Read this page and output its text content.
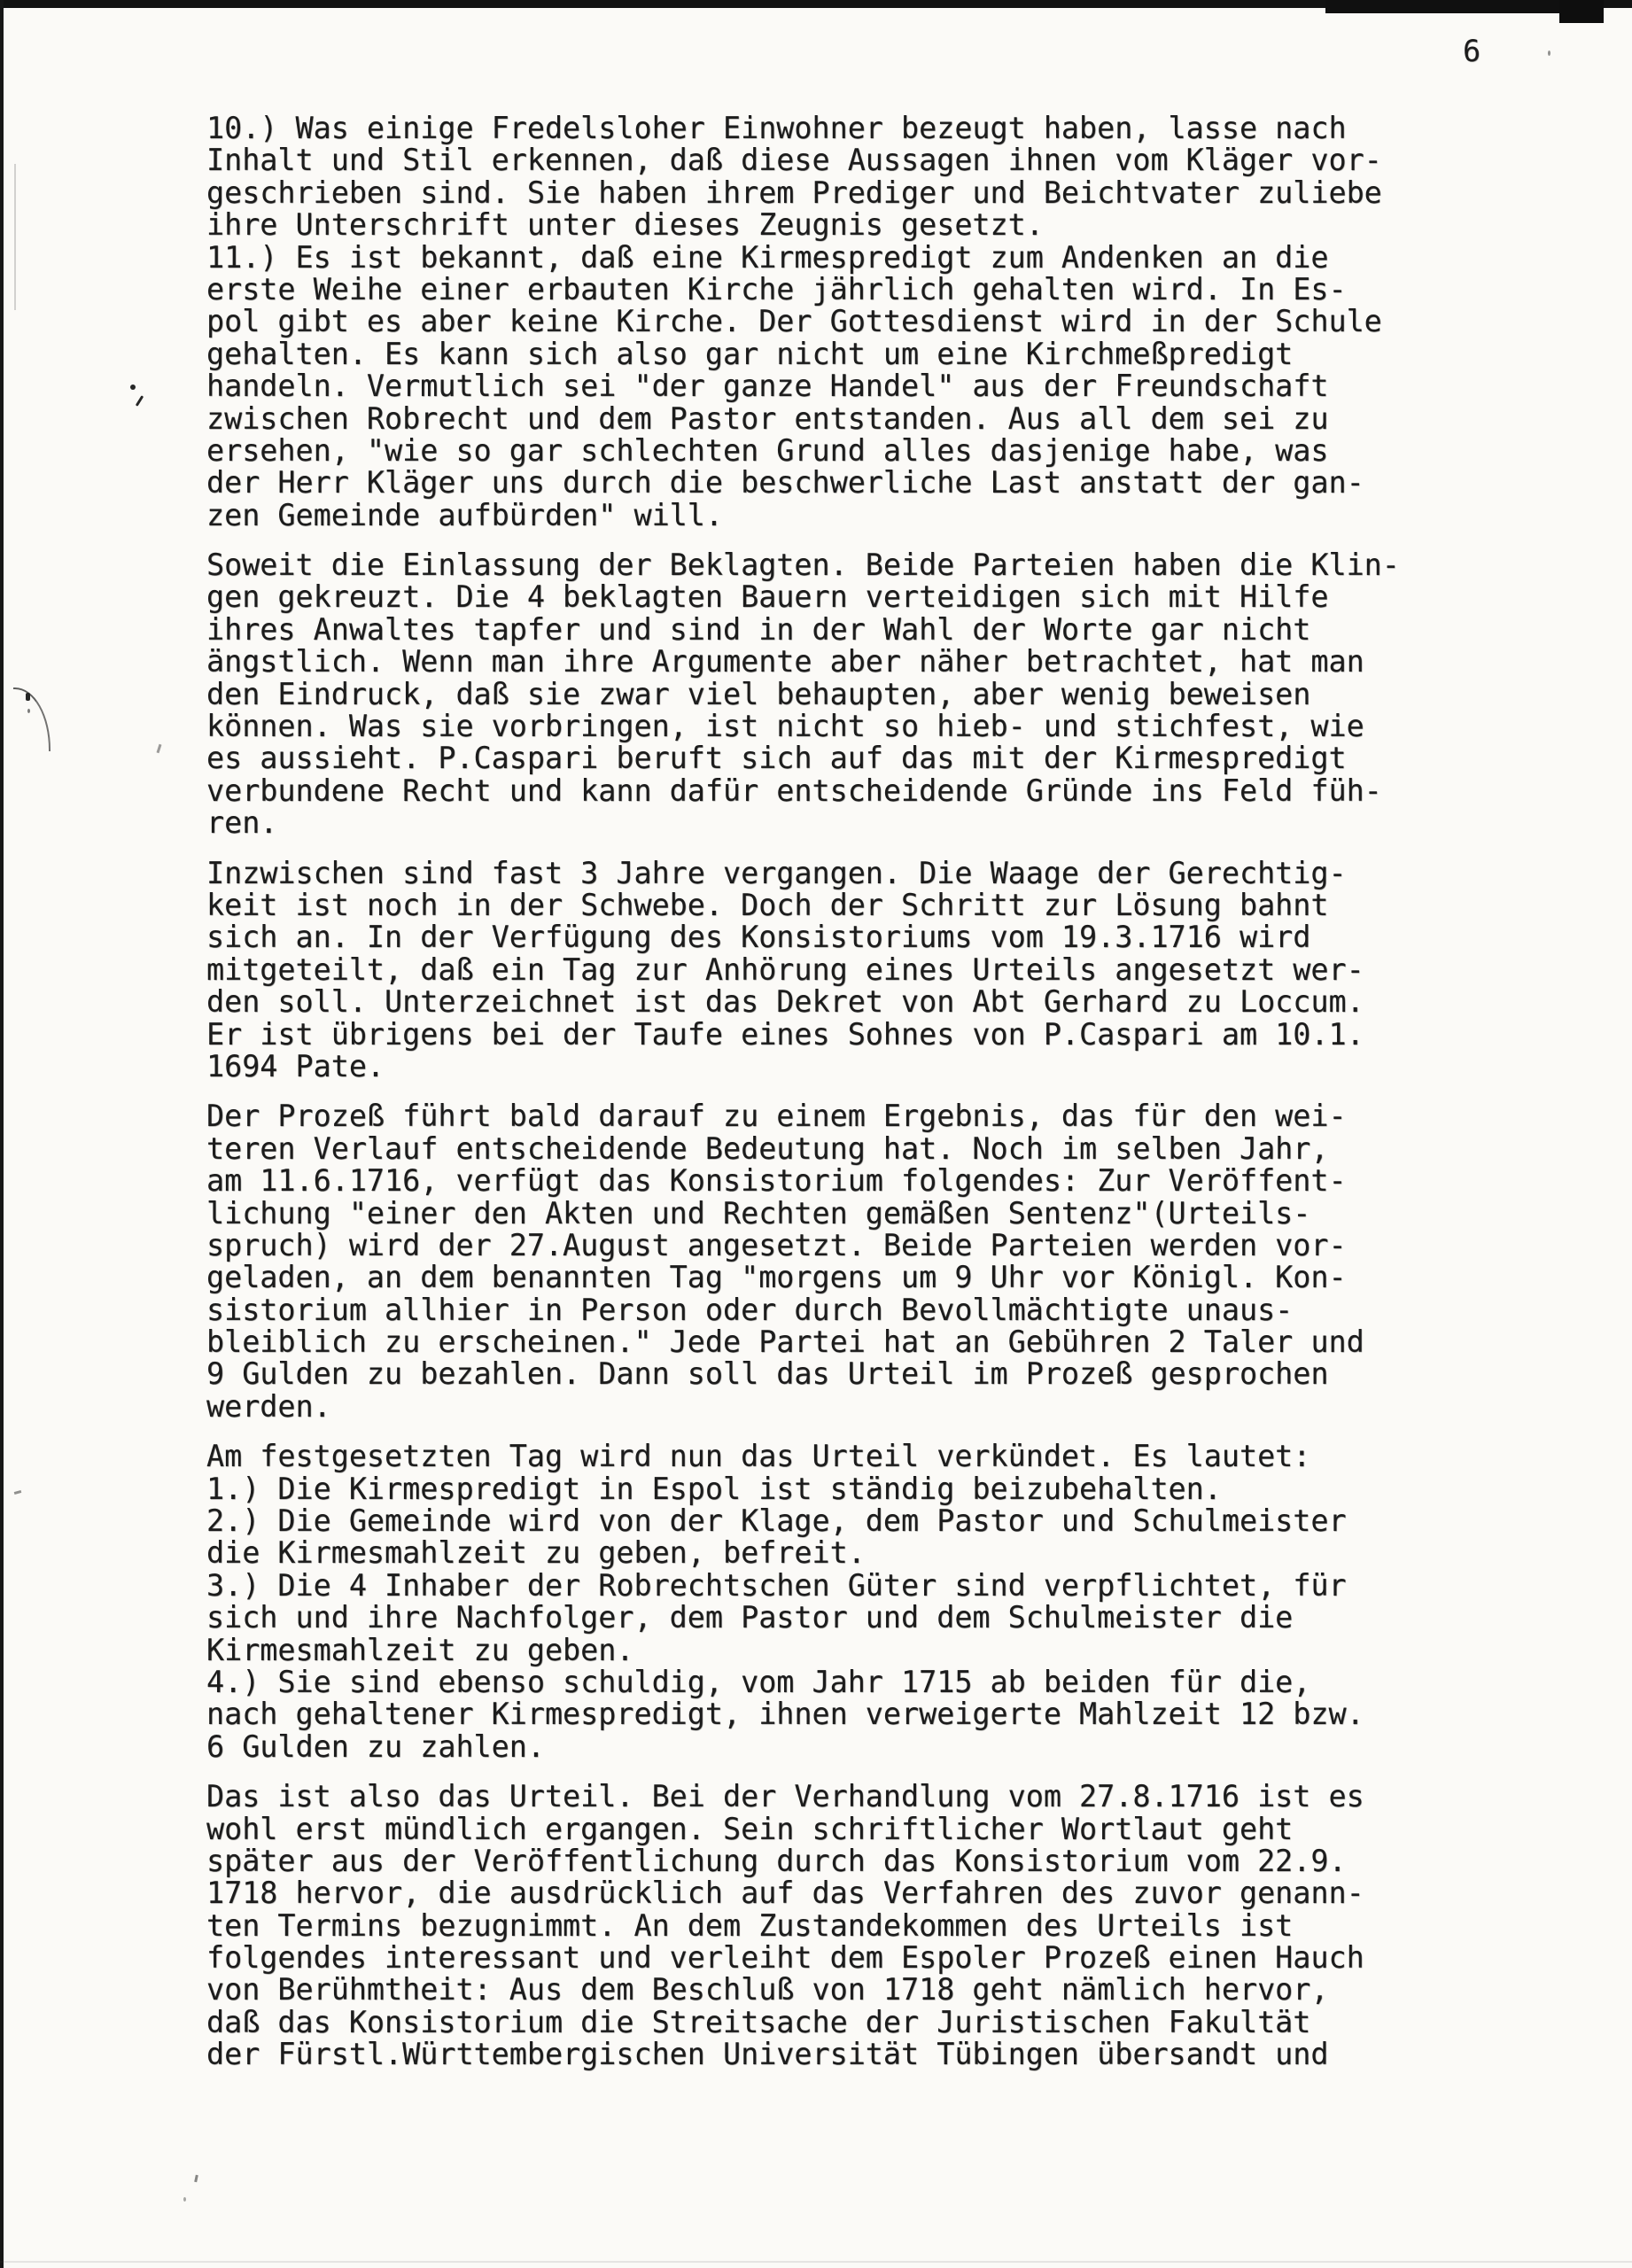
6
10.) Was einige Fredelsloher Einwohner bezeugt haben, lasse nach
Inhalt und Stil erkennen, daß diese Aussagen ihnen vom Kläger vor-
geschrieben sind. Sie haben ihrem Prediger und Beichtvater zuliebe
ihre Unterschrift unter dieses Zeugnis gesetzt.
11.) Es ist bekannt, daß eine Kirmespredigt zum Andenken an die
erste Weihe einer erbauten Kirche jährlich gehalten wird. In Es-
pol gibt es aber keine Kirche. Der Gottesdienst wird in der Schule
gehalten. Es kann sich also gar nicht um eine Kirchmeßpredigt
handeln. Vermutlich sei "der ganze Handel" aus der Freundschaft
zwischen Robrecht und dem Pastor entstanden. Aus all dem sei zu
ersehen, "wie so gar schlechten Grund alles dasjenige habe, was
der Herr Kläger uns durch die beschwerliche Last anstatt der gan-
zen Gemeinde aufbürden" will.
Soweit die Einlassung der Beklagten. Beide Parteien haben die Klin-
gen gekreuzt. Die 4 beklagten Bauern verteidigen sich mit Hilfe
ihres Anwaltes tapfer und sind in der Wahl der Worte gar nicht
ängstlich. Wenn man ihre Argumente aber näher betrachtet, hat man
den Eindruck, daß sie zwar viel behaupten, aber wenig beweisen
können. Was sie vorbringen, ist nicht so hieb- und stichfest, wie
es aussieht. P.Caspari beruft sich auf das mit der Kirmespredigt
verbundene Recht und kann dafür entscheidende Gründe ins Feld füh-
ren.
Inzwischen sind fast 3 Jahre vergangen. Die Waage der Gerechtig-
keit ist noch in der Schwebe. Doch der Schritt zur Lösung bahnt
sich an. In der Verfügung des Konsistoriums vom 19.3.1716 wird
mitgeteilt, daß ein Tag zur Anhörung eines Urteils angesetzt wer-
den soll. Unterzeichnet ist das Dekret von Abt Gerhard zu Loccum.
Er ist übrigens bei der Taufe eines Sohnes von P.Caspari am 10.1.
1694 Pate.
Der Prozeß führt bald darauf zu einem Ergebnis, das für den wei-
teren Verlauf entscheidende Bedeutung hat. Noch im selben Jahr,
am 11.6.1716, verfügt das Konsistorium folgendes: Zur Veröffent-
lichung "einer den Akten und Rechten gemäßen Sentenz"(Urteils-
spruch) wird der 27.August angesetzt. Beide Parteien werden vor-
geladen, an dem benannten Tag "morgens um 9 Uhr vor Königl. Kon-
sistorium allhier in Person oder durch Bevollmächtigte unaus-
bleiblich zu erscheinen." Jede Partei hat an Gebühren 2 Taler und
9 Gulden zu bezahlen. Dann soll das Urteil im Prozeß gesprochen
werden.
Am festgesetzten Tag wird nun das Urteil verkündet. Es lautet:
1.) Die Kirmespredigt in Espol ist ständig beizubehalten.
2.) Die Gemeinde wird von der Klage, dem Pastor und Schulmeister
die Kirmesmahlzeit zu geben, befreit.
3.) Die 4 Inhaber der Robrechtschen Güter sind verpflichtet, für
sich und ihre Nachfolger, dem Pastor und dem Schulmeister die
Kirmesmahlzeit zu geben.
4.) Sie sind ebenso schuldig, vom Jahr 1715 ab beiden für die,
nach gehaltener Kirmespredigt, ihnen verweigerte Mahlzeit 12 bzw.
6 Gulden zu zahlen.
Das ist also das Urteil. Bei der Verhandlung vom 27.8.1716 ist es
wohl erst mündlich ergangen. Sein schriftlicher Wortlaut geht
später aus der Veröffentlichung durch das Konsistorium vom 22.9.
1718 hervor, die ausdrücklich auf das Verfahren des zuvor genann-
ten Termins bezugnimmt. An dem Zustandekommen des Urteils ist
folgendes interessant und verleiht dem Espoler Prozeß einen Hauch
von Berühmtheit: Aus dem Beschluß von 1718 geht nämlich hervor,
daß das Konsistorium die Streitsache der Juristischen Fakultät
der Fürstl.Württembergischen Universität Tübingen übersandt und
